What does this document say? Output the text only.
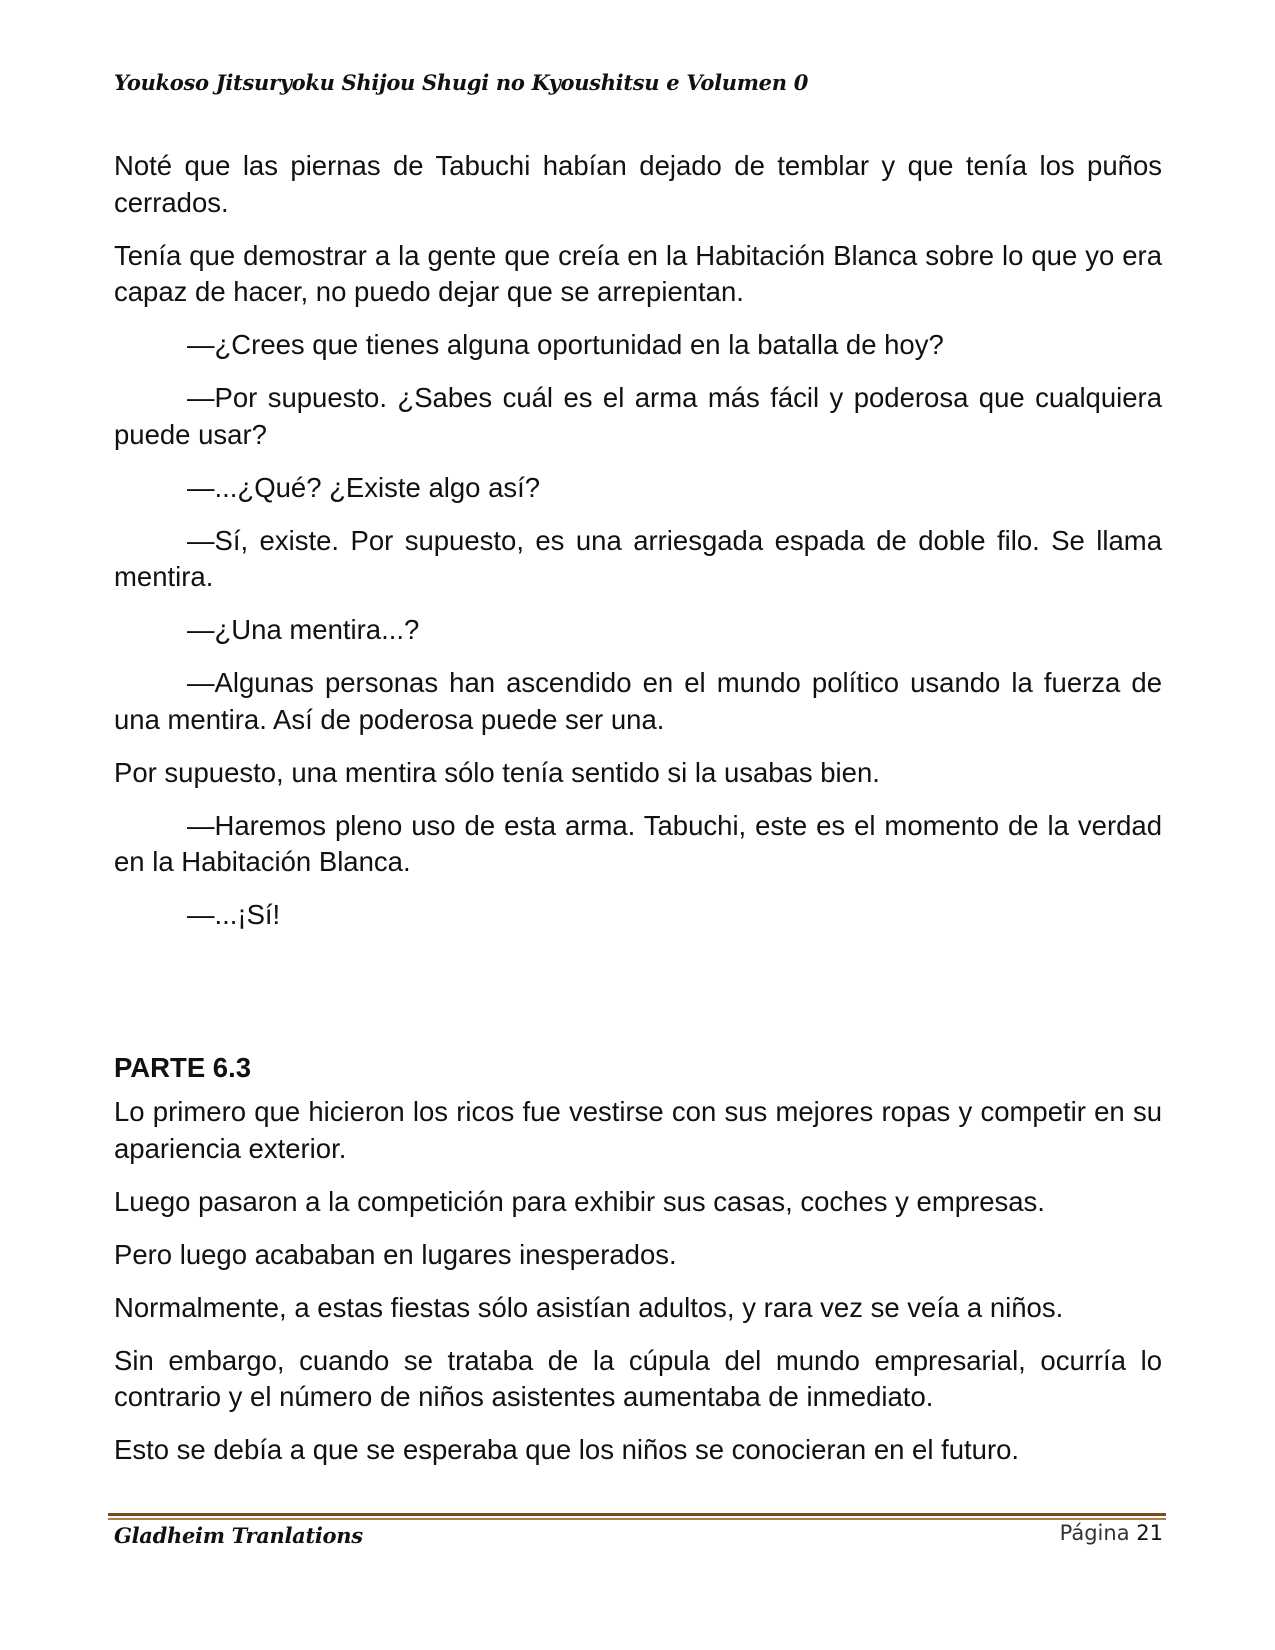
Youkoso Jitsuryoku Shijou Shugi no Kyoushitsu e Volumen 0

Noté que las piernas de Tabuchi habían dejado de temblar y que tenía los puños cerrados.

Tenía que demostrar a la gente que creía en la Habitación Blanca sobre lo que yo era capaz de hacer, no puedo dejar que se arrepientan.

—¿Crees que tienes alguna oportunidad en la batalla de hoy?

—Por supuesto. ¿Sabes cuál es el arma más fácil y poderosa que cualquiera puede usar?

—...¿Qué? ¿Existe algo así?

—Sí, existe. Por supuesto, es una arriesgada espada de doble filo. Se llama mentira.

—¿Una mentira...?

—Algunas personas han ascendido en el mundo político usando la fuerza de una mentira. Así de poderosa puede ser una.

Por supuesto, una mentira sólo tenía sentido si la usabas bien.

—Haremos pleno uso de esta arma. Tabuchi, este es el momento de la verdad en la Habitación Blanca.

—...¡Sí!

PARTE 6.3

Lo primero que hicieron los ricos fue vestirse con sus mejores ropas y competir en su apariencia exterior.

Luego pasaron a la competición para exhibir sus casas, coches y empresas.

Pero luego acababan en lugares inesperados.

Normalmente, a estas fiestas sólo asistían adultos, y rara vez se veía a niños.

Sin embargo, cuando se trataba de la cúpula del mundo empresarial, ocurría lo contrario y el número de niños asistentes aumentaba de inmediato.

Esto se debía a que se esperaba que los niños se conocieran en el futuro.

Gladheim Tranlations	Página 21
